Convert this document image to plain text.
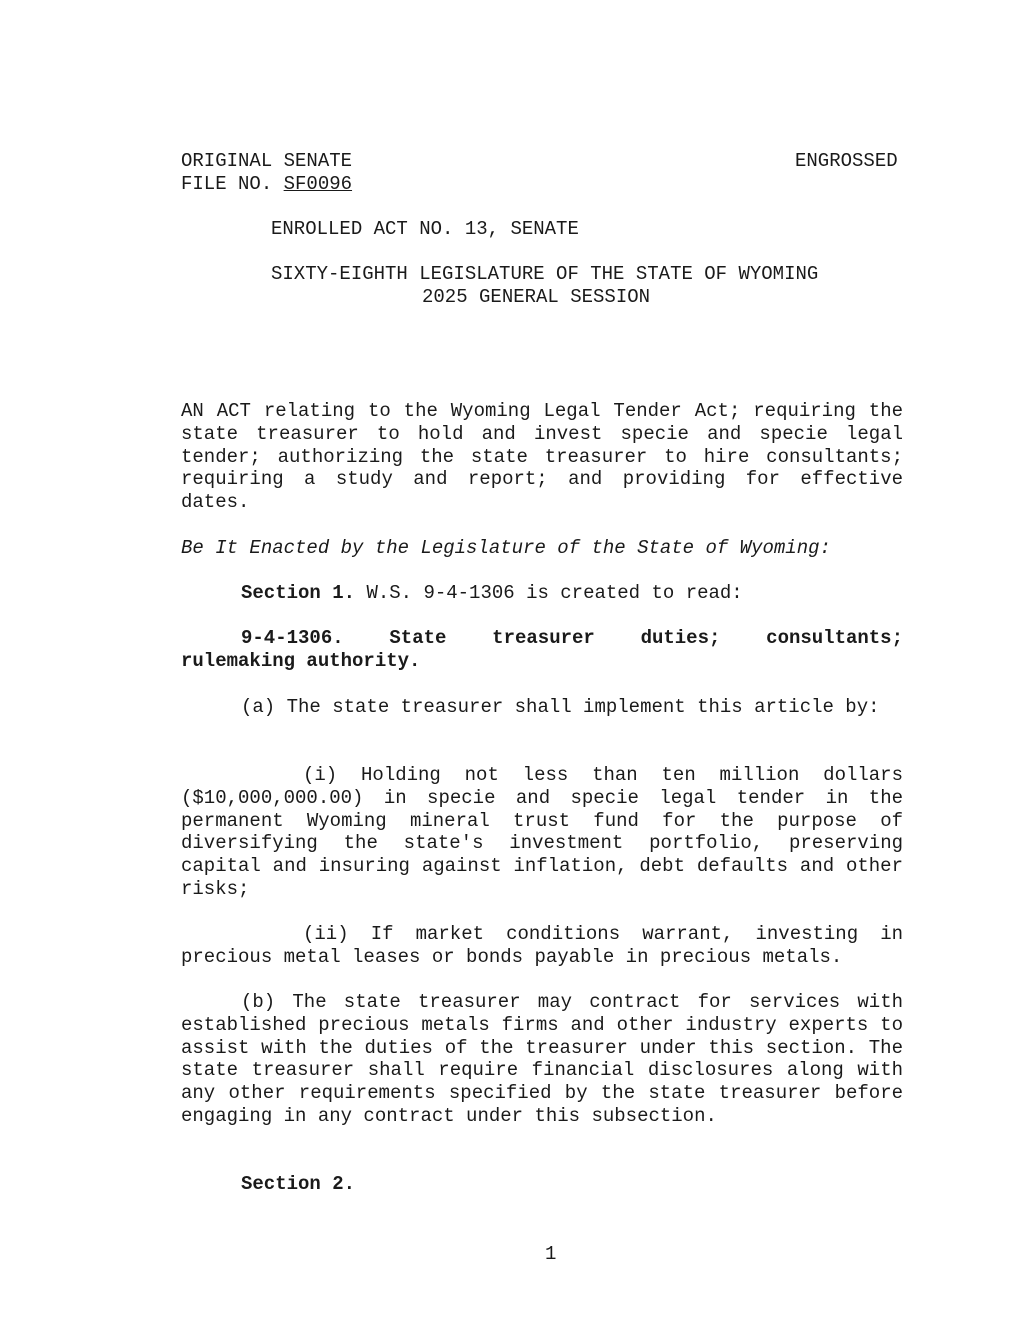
ORIGINAL SENATE	ENGROSSED
FILE NO. SF0096
ENROLLED ACT NO. 13, SENATE
SIXTY-EIGHTH LEGISLATURE OF THE STATE OF WYOMING
2025 GENERAL SESSION
AN ACT relating to the Wyoming Legal Tender Act; requiring the state treasurer to hold and invest specie and specie legal tender; authorizing the state treasurer to hire consultants; requiring a study and report; and providing for effective dates.
Be It Enacted by the Legislature of the State of Wyoming:
Section 1. W.S. 9-4-1306 is created to read:
9-4-1306. State treasurer duties; consultants;
rulemaking authority.
(a) The state treasurer shall implement this article by:
(i) Holding not less than ten million dollars ($10,000,000.00) in specie and specie legal tender in the permanent Wyoming mineral trust fund for the purpose of diversifying the state's investment portfolio, preserving capital and insuring against inflation, debt defaults and other risks;
(ii) If market conditions warrant, investing in precious metal leases or bonds payable in precious metals.
(b) The state treasurer may contract for services with established precious metals firms and other industry experts to assist with the duties of the treasurer under this section. The state treasurer shall require financial disclosures along with any other requirements specified by the state treasurer before engaging in any contract under this subsection.
Section 2.
1
